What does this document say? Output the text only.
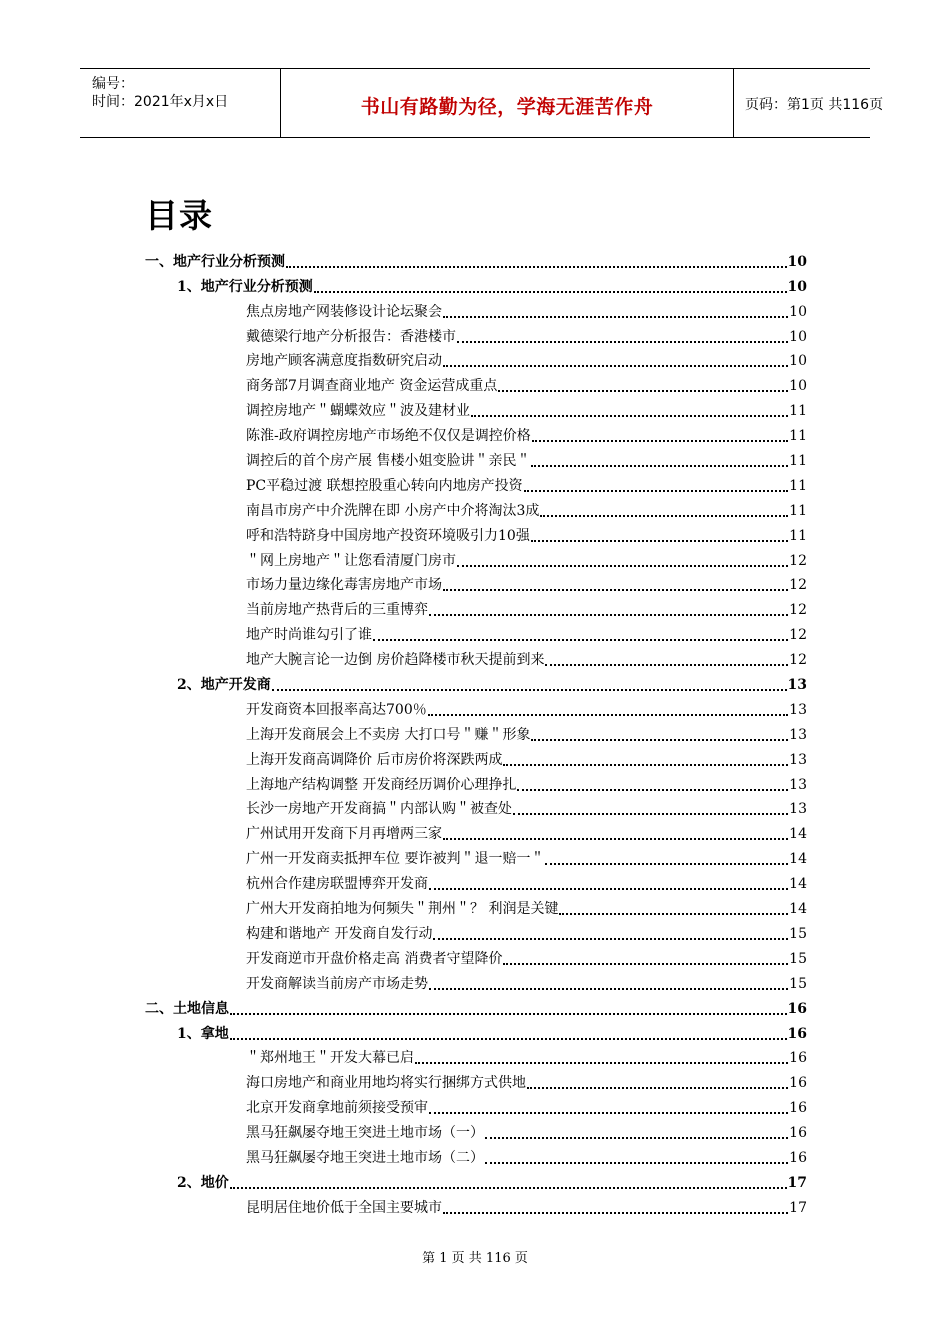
编号：
时间：2021年x月x日	书山有路勤为径，学海无涯苦作舟	页码：第1页 共116页
目录
一、地产行业分析预测	10
1、地产行业分析预测	10
焦点房地产网装修设计论坛聚会	10
戴德梁行地产分析报告：香港楼市	10
房地产顾客满意度指数研究启动	10
商务部7月调查商业地产 资金运营成重点	10
调控房地产＂蝴蝶效应＂波及建材业	11
陈淮-政府调控房地产市场绝不仅仅是调控价格	11
调控后的首个房产展 售楼小姐变脸讲＂亲民＂	11
PC平稳过渡 联想控股重心转向内地房产投资	11
南昌市房产中介洗牌在即 小房产中介将淘汰3成	11
呼和浩特跻身中国房地产投资环境吸引力10强	11
＂网上房地产＂让您看清厦门房市	12
市场力量边缘化毒害房地产市场	12
当前房地产热背后的三重博弈	12
地产时尚谁勾引了谁	12
地产大腕言论一边倒 房价趋降楼市秋天提前到来	12
2、地产开发商	13
开发商资本回报率高达700％	13
上海开发商展会上不卖房 大打口号＂赚＂形象	13
上海开发商高调降价 后市房价将深跌两成	13
上海地产结构调整 开发商经历调价心理挣扎	13
长沙一房地产开发商搞＂内部认购＂被查处	13
广州试用开发商下月再增两三家	14
广州一开发商卖抵押车位 要诈被判＂退一赔一＂	14
杭州合作建房联盟博弈开发商	14
广州大开发商拍地为何频失＂荆州＂？ 利润是关键	14
构建和谐地产 开发商自发行动	15
开发商逆市开盘价格走高 消费者守望降价	15
开发商解读当前房产市场走势	15
二、土地信息	16
1、拿地	16
＂郑州地王＂开发大幕已启	16
海口房地产和商业用地均将实行捆绑方式供地	16
北京开发商拿地前须接受预审	16
黑马狂飙屡夺地王突进土地市场（一）	16
黑马狂飙屡夺地王突进土地市场（二）	16
2、地价	17
昆明居住地价低于全国主要城市	17
第 1 页 共 116 页
